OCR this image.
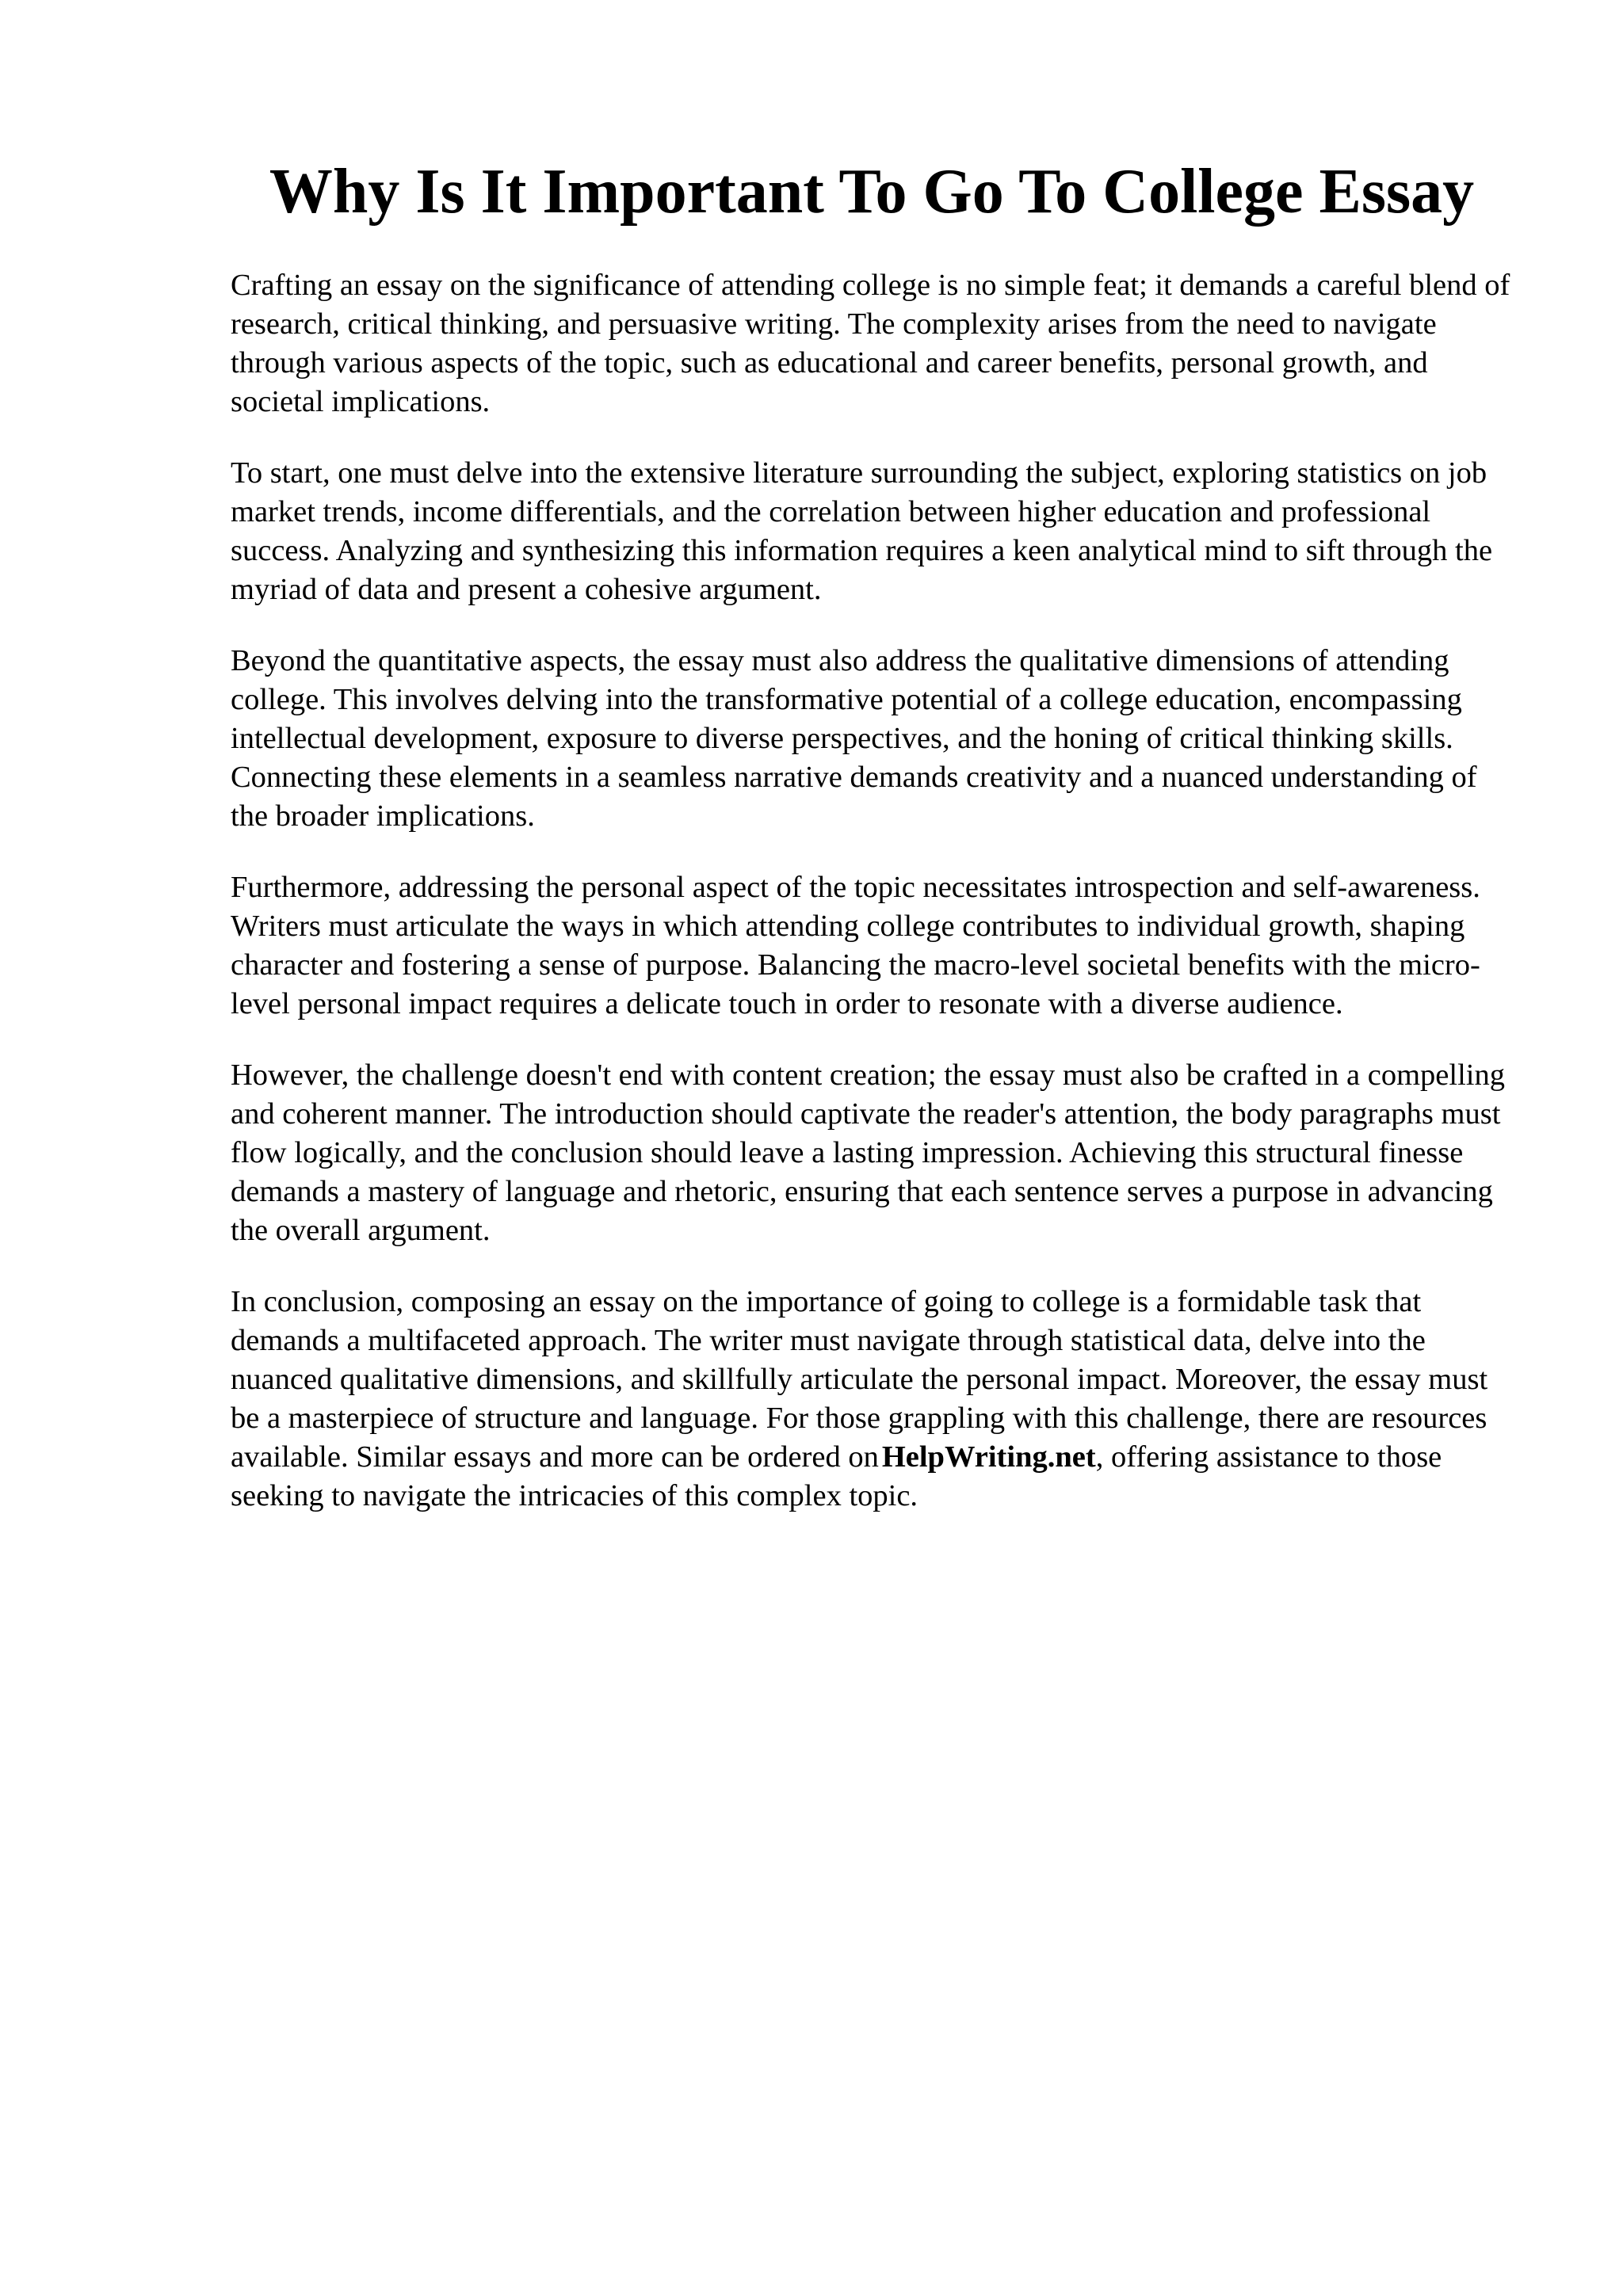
Why Is It Important To Go To College Essay

Crafting an essay on the significance of attending college is no simple feat; it demands a careful blend of research, critical thinking, and persuasive writing. The complexity arises from the need to navigate through various aspects of the topic, such as educational and career benefits, personal growth, and societal implications.

To start, one must delve into the extensive literature surrounding the subject, exploring statistics on job market trends, income differentials, and the correlation between higher education and professional success. Analyzing and synthesizing this information requires a keen analytical mind to sift through the myriad of data and present a cohesive argument.

Beyond the quantitative aspects, the essay must also address the qualitative dimensions of attending college. This involves delving into the transformative potential of a college education, encompassing intellectual development, exposure to diverse perspectives, and the honing of critical thinking skills. Connecting these elements in a seamless narrative demands creativity and a nuanced understanding of the broader implications.

Furthermore, addressing the personal aspect of the topic necessitates introspection and self-awareness. Writers must articulate the ways in which attending college contributes to individual growth, shaping character and fostering a sense of purpose. Balancing the macro-level societal benefits with the micro-level personal impact requires a delicate touch in order to resonate with a diverse audience.

However, the challenge doesn't end with content creation; the essay must also be crafted in a compelling and coherent manner. The introduction should captivate the reader's attention, the body paragraphs must flow logically, and the conclusion should leave a lasting impression. Achieving this structural finesse demands a mastery of language and rhetoric, ensuring that each sentence serves a purpose in advancing the overall argument.

In conclusion, composing an essay on the importance of going to college is a formidable task that demands a multifaceted approach. The writer must navigate through statistical data, delve into the nuanced qualitative dimensions, and skillfully articulate the personal impact. Moreover, the essay must be a masterpiece of structure and language. For those grappling with this challenge, there are resources available. Similar essays and more can be ordered on HelpWriting.net, offering assistance to those seeking to navigate the intricacies of this complex topic.
